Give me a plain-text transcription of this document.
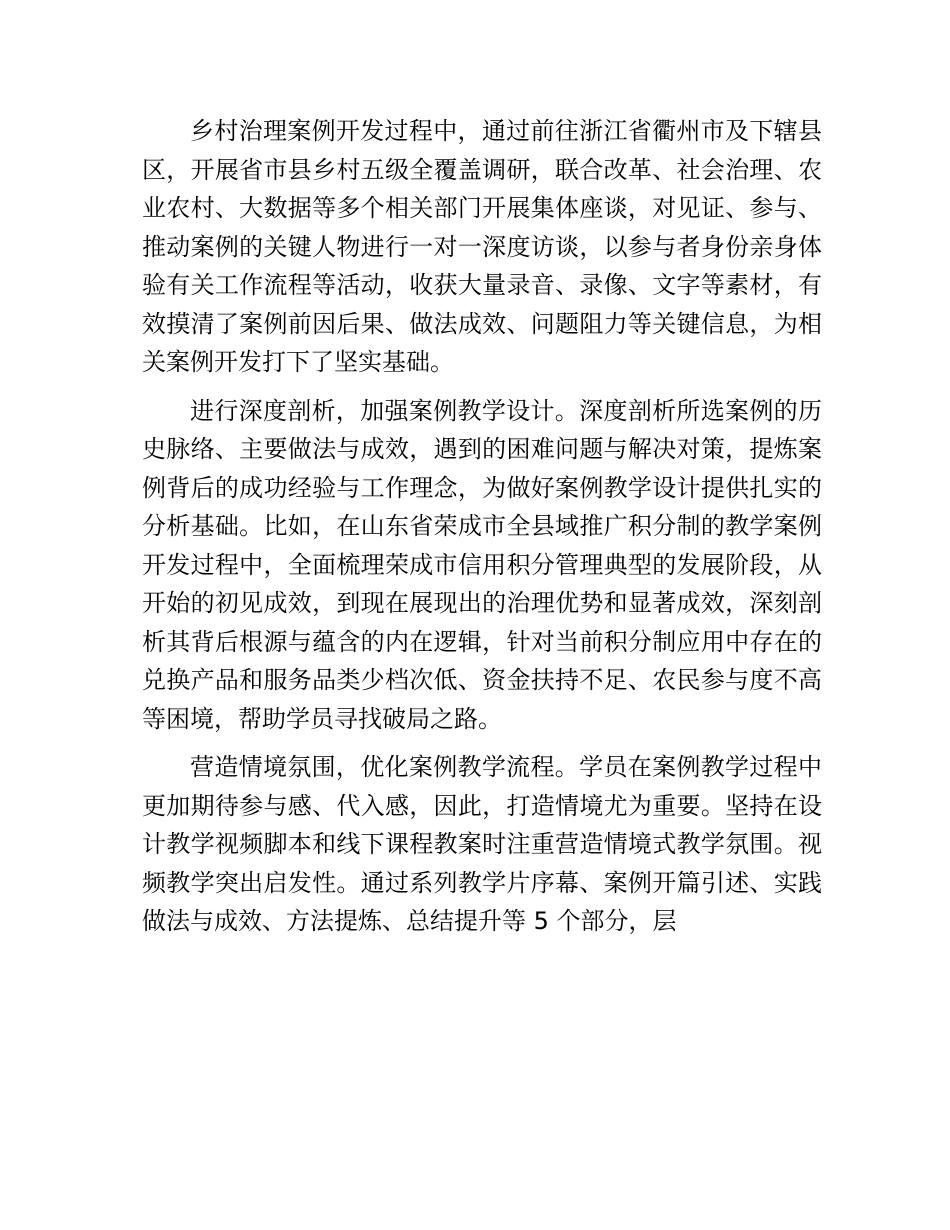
乡村治理案例开发过程中，通过前往浙江省衢州市及下辖县区，开展省市县乡村五级全覆盖调研，联合改革、社会治理、农业农村、大数据等多个相关部门开展集体座谈，对见证、参与、推动案例的关键人物进行一对一深度访谈，以参与者身份亲身体验有关工作流程等活动，收获大量录音、录像、文字等素材，有效摸清了案例前因后果、做法成效、问题阻力等关键信息，为相关案例开发打下了坚实基础。

进行深度剖析，加强案例教学设计。深度剖析所选案例的历史脉络、主要做法与成效，遇到的困难问题与解决对策，提炼案例背后的成功经验与工作理念，为做好案例教学设计提供扎实的分析基础。比如，在山东省荣成市全县域推广积分制的教学案例开发过程中，全面梳理荣成市信用积分管理典型的发展阶段，从开始的初见成效，到现在展现出的治理优势和显著成效，深刻剖析其背后根源与蕴含的内在逻辑，针对当前积分制应用中存在的兑换产品和服务品类少档次低、资金扶持不足、农民参与度不高等困境，帮助学员寻找破局之路。

营造情境氛围，优化案例教学流程。学员在案例教学过程中更加期待参与感、代入感，因此，打造情境尤为重要。坚持在设计教学视频脚本和线下课程教案时注重营造情境式教学氛围。视频教学突出启发性。通过系列教学片序幕、案例开篇引述、实践做法与成效、方法提炼、总结提升等 5 个部分，层
